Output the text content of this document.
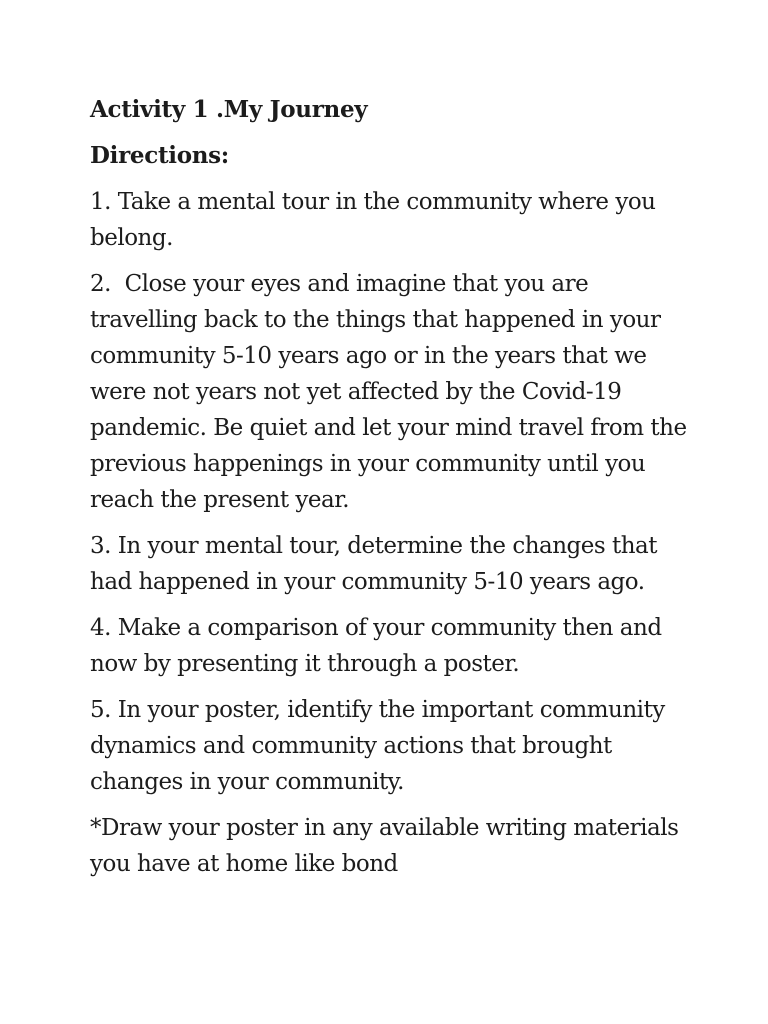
Activity 1 .My Journey
Directions:

1. Take a mental tour in the community where you belong.

2.  Close your eyes and imagine that you are travelling back to the things that happened in your community 5-10 years ago or in the years that we were not years not yet affected by the Covid-19 pandemic. Be quiet and let your mind travel from the previous happenings in your community until you reach the present year.

3. In your mental tour, determine the changes that had happened in your community 5-10 years ago.

4. Make a comparison of your community then and now by presenting it through a poster.

5. In your poster, identify the important community dynamics and community actions that brought changes in your community.

*Draw your poster in any available writing materials you have at home like bond
